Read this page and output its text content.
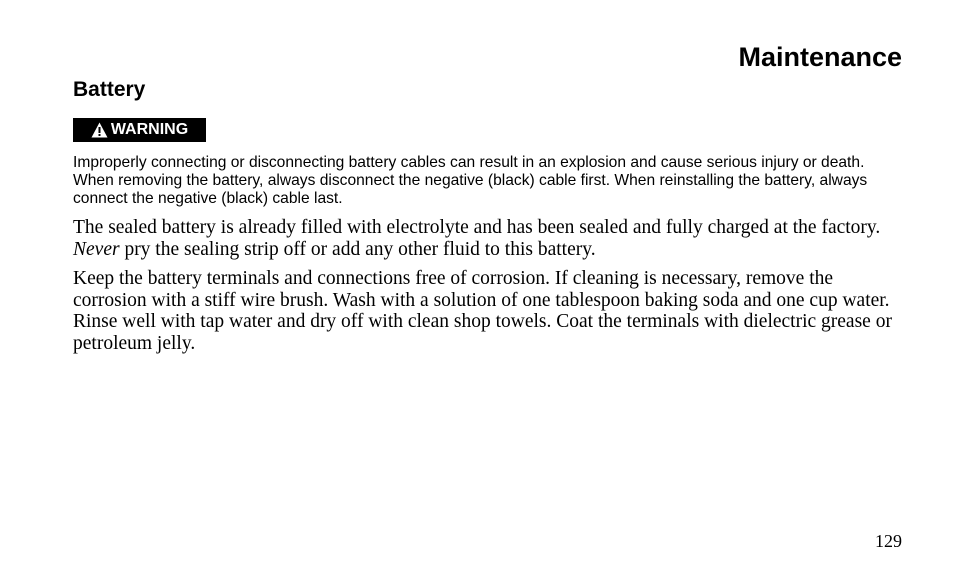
Maintenance
Battery
WARNING
Improperly connecting or disconnecting battery cables can result in an explosion and cause serious injury or death. When removing the battery, always disconnect the negative (black) cable first. When reinstalling the battery, always connect the negative (black) cable last.
The sealed battery is already filled with electrolyte and has been sealed and fully charged at the factory. Never pry the sealing strip off or add any other fluid to this battery.
Keep the battery terminals and connections free of corrosion. If cleaning is necessary, remove the corrosion with a stiff wire brush. Wash with a solution of one tablespoon baking soda and one cup water. Rinse well with tap water and dry off with clean shop towels. Coat the terminals with dielectric grease or petroleum jelly.
129
